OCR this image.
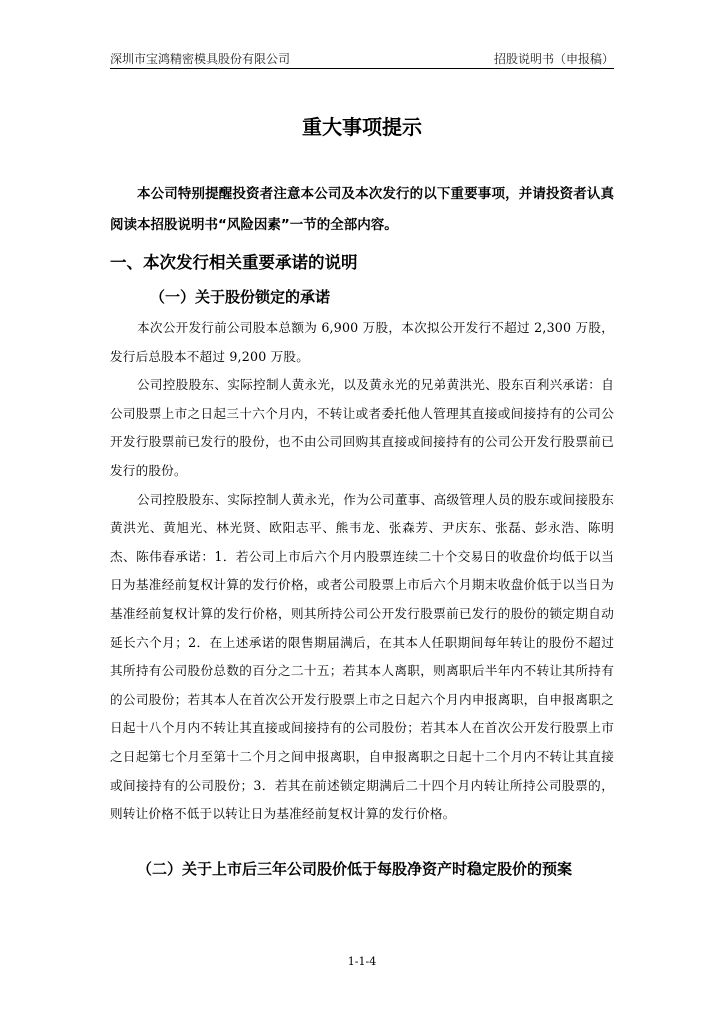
深圳市宝鸿精密模具股份有限公司	招股说明书（申报稿）
重大事项提示
本公司特别提醒投资者注意本公司及本次发行的以下重要事项，并请投资者认真阅读本招股说明书“风险因素”一节的全部内容。
一、本次发行相关重要承诺的说明
（一）关于股份锁定的承诺

本次公开发行前公司股本总额为 6,900 万股，本次拟公开发行不超过 2,300 万股，发行后总股本不超过 9,200 万股。

公司控股股东、实际控制人黄永光，以及黄永光的兄弟黄洪光、股东百利兴承诺：自公司股票上市之日起三十六个月内，不转让或者委托他人管理其直接或间接持有的公司公开发行股票前已发行的股份，也不由公司回购其直接或间接持有的公司公开发行股票前已发行的股份。

公司控股股东、实际控制人黄永光，作为公司董事、高级管理人员的股东或间接股东黄洪光、黄旭光、林光贤、欧阳志平、熊韦龙、张森芳、尹庆东、张磊、彭永浩、陈明杰、陈伟春承诺：1．若公司上市后六个月内股票连续二十个交易日的收盘价均低于以当日为基准经前复权计算的发行价格，或者公司股票上市后六个月期末收盘价低于以当日为基准经前复权计算的发行价格，则其所持公司公开发行股票前已发行的股份的锁定期自动延长六个月；2．在上述承诺的限售期届满后，在其本人任职期间每年转让的股份不超过其所持有公司股份总数的百分之二十五；若其本人离职，则离职后半年内不转让其所持有的公司股份；若其本人在首次公开发行股票上市之日起六个月内申报离职，自申报离职之日起十八个月内不转让其直接或间接持有的公司股份；若其本人在首次公开发行股票上市之日起第七个月至第十二个月之间申报离职，自申报离职之日起十二个月内不转让其直接或间接持有的公司股份；3．若其在前述锁定期满后二十四个月内转让所持公司股票的，则转让价格不低于以转让日为基准经前复权计算的发行价格。

（二）关于上市后三年公司股价低于每股净资产时稳定股价的预案
1-1-4
